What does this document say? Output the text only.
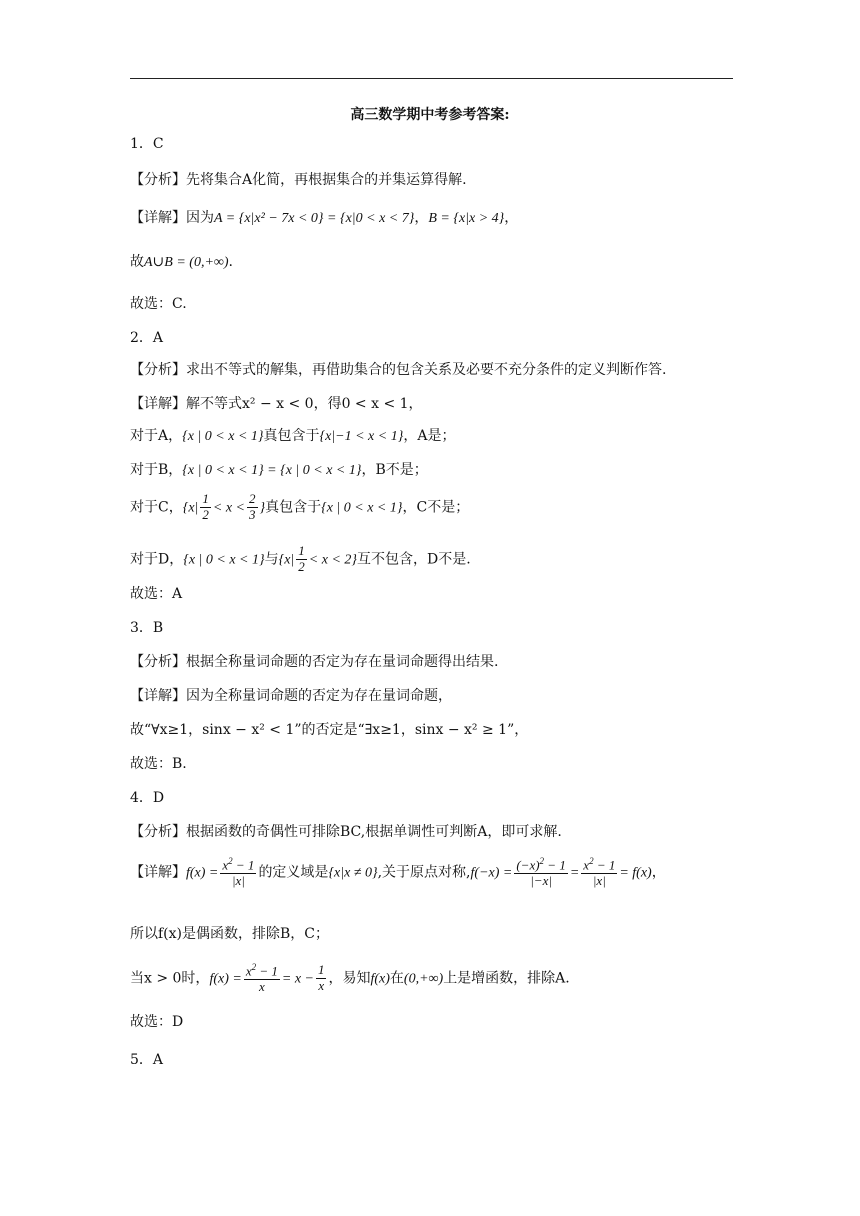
高三数学期中考参考答案:
1．C
【分析】先将集合A化简，再根据集合的并集运算得解.
【详解】因为A = {x|x² − 7x < 0} = {x|0 < x < 7}，B = {x|x > 4}，
故A∪B = (0,+∞).
故选：C.
2．A
【分析】求出不等式的解集，再借助集合的包含关系及必要不充分条件的定义判断作答.
【详解】解不等式x² − x < 0，得0 < x < 1，
对于A，{x | 0 < x < 1}真包含于{x|−1 < x < 1}，A是；
对于B，{x | 0 < x < 1} = {x | 0 < x < 1}，B不是；
对于C，{$x| \frac{1}{2} < x < \frac{2}{3}$ }真包含于{x | 0 < x < 1}，C不是；
对于D，{x | 0 < x < 1}与$\{x| \frac{1}{2} < x < 2\}$互不包含，D不是.
故选：A
3．B
【分析】根据全称量词命题的否定为存在量词命题得出结果.
【详解】因为全称量词命题的否定为存在量词命题，
故“∀x≥1，sinx − x² < 1”的否定是“∃x≥1，sinx − x² ≥ 1”，
故选：B.
4．D
【分析】根据函数的奇偶性可排除BC,根据单调性可判断A，即可求解.
【详解】$f(x) = \frac{x^2 - 1}{|x|}$ 的定义域是{x|x ≠ 0},关于原点对称$,f(-x) = \frac{(-x)^2 - 1}{|-x|} = \frac{x^2 - 1}{|x|} = f(x)$，
所以f(x)是偶函数，排除B，C；
当x > 0时，$f(x) = \frac{x^2 - 1}{x} = x - \frac{1}{x}$ ，易知f(x)在(0,+∞)上是增函数，排除A.
故选：D
5．A
